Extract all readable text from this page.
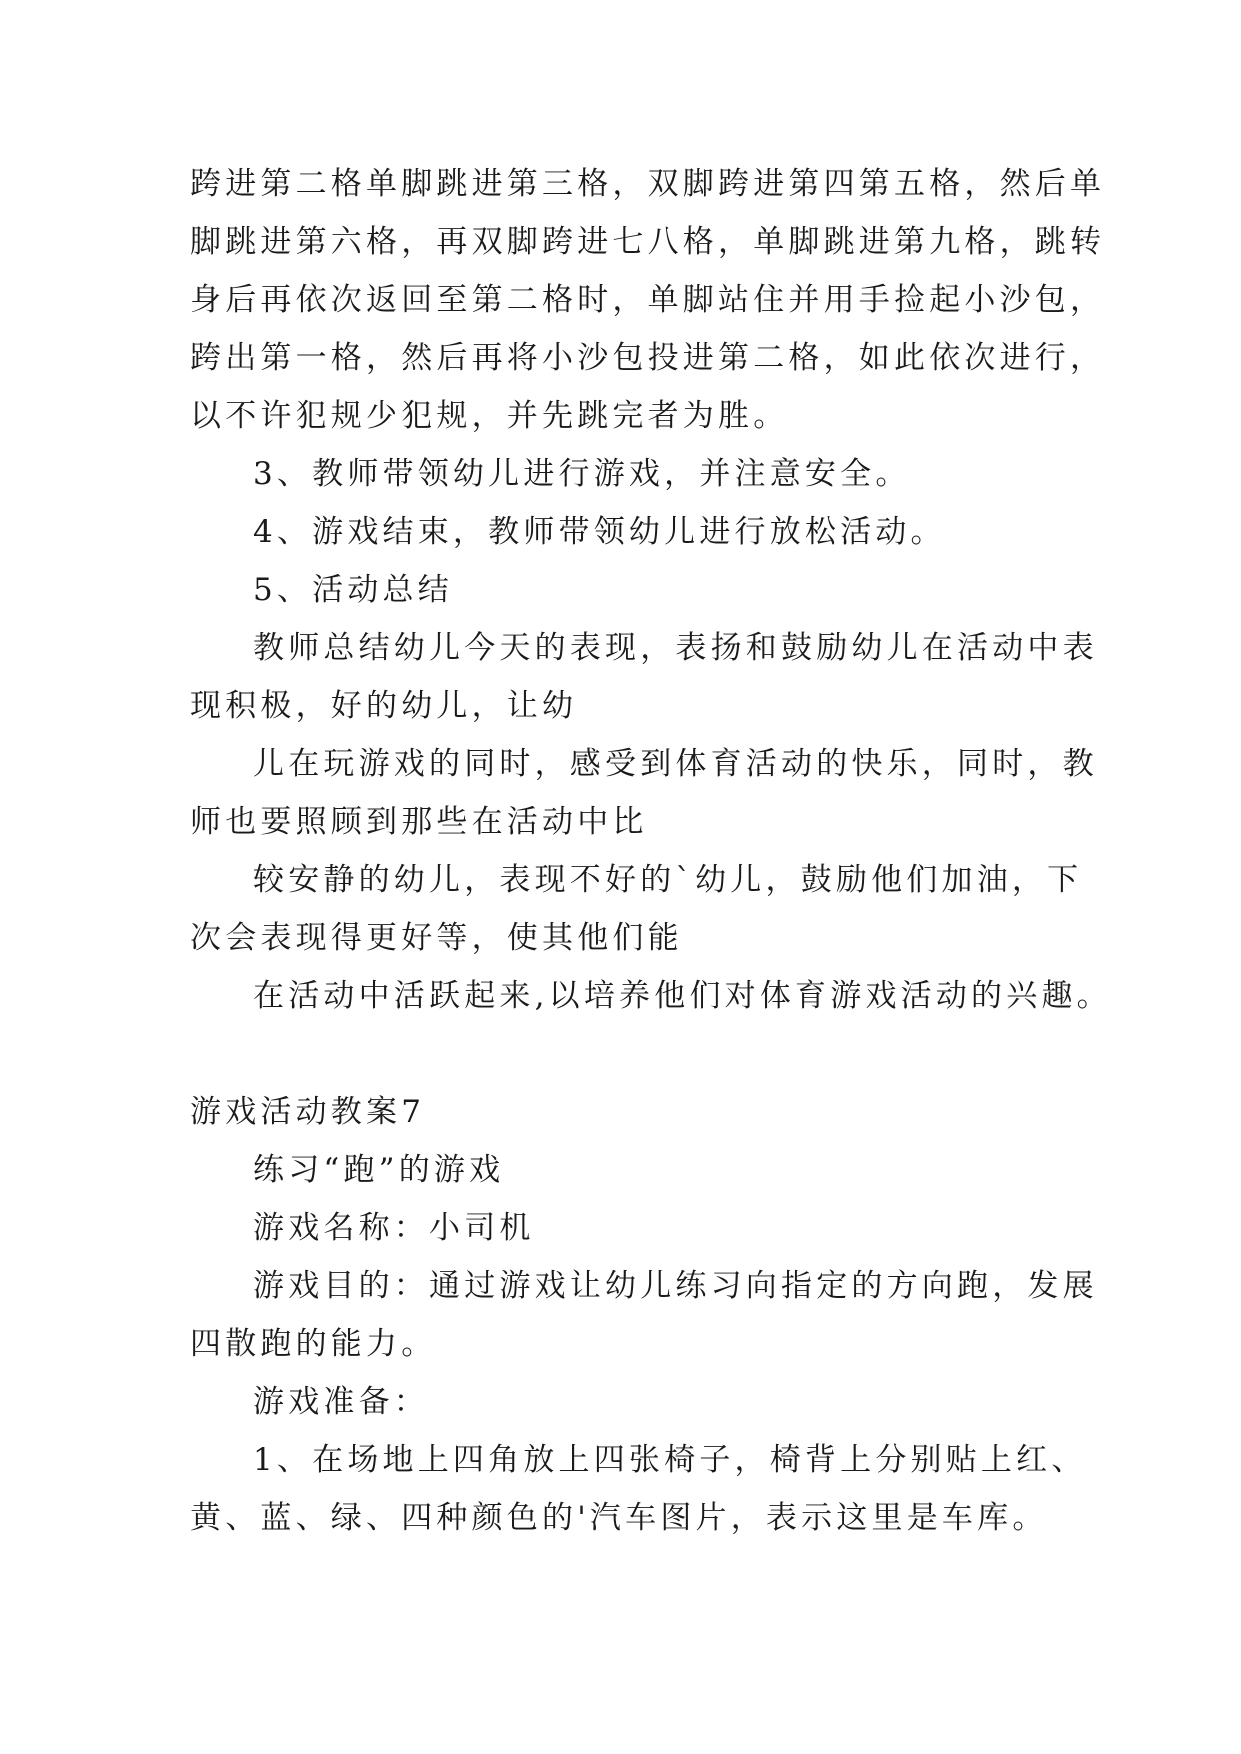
跨进第二格单脚跳进第三格，双脚跨进第四第五格，然后单
脚跳进第六格，再双脚跨进七八格，单脚跳进第九格，跳转
身后再依次返回至第二格时，单脚站住并用手捡起小沙包，
跨出第一格，然后再将小沙包投进第二格，如此依次进行，
以不许犯规少犯规，并先跳完者为胜。
3、教师带领幼儿进行游戏，并注意安全。
4、游戏结束，教师带领幼儿进行放松活动。
5、活动总结
教师总结幼儿今天的表现，表扬和鼓励幼儿在活动中表
现积极，好的幼儿，让幼
儿在玩游戏的同时，感受到体育活动的快乐，同时，教
师也要照顾到那些在活动中比
较安静的幼儿，表现不好的`幼儿，鼓励他们加油，下
次会表现得更好等，使其他们能
在活动中活跃起来,以培养他们对体育游戏活动的兴趣。
游戏活动教案7
练习“跑”的游戏
游戏名称：小司机
游戏目的：通过游戏让幼儿练习向指定的方向跑，发展
四散跑的能力。
游戏准备：
1、在场地上四角放上四张椅子，椅背上分别贴上红、
黄、蓝、绿、四种颜色的'汽车图片，表示这里是车库。
